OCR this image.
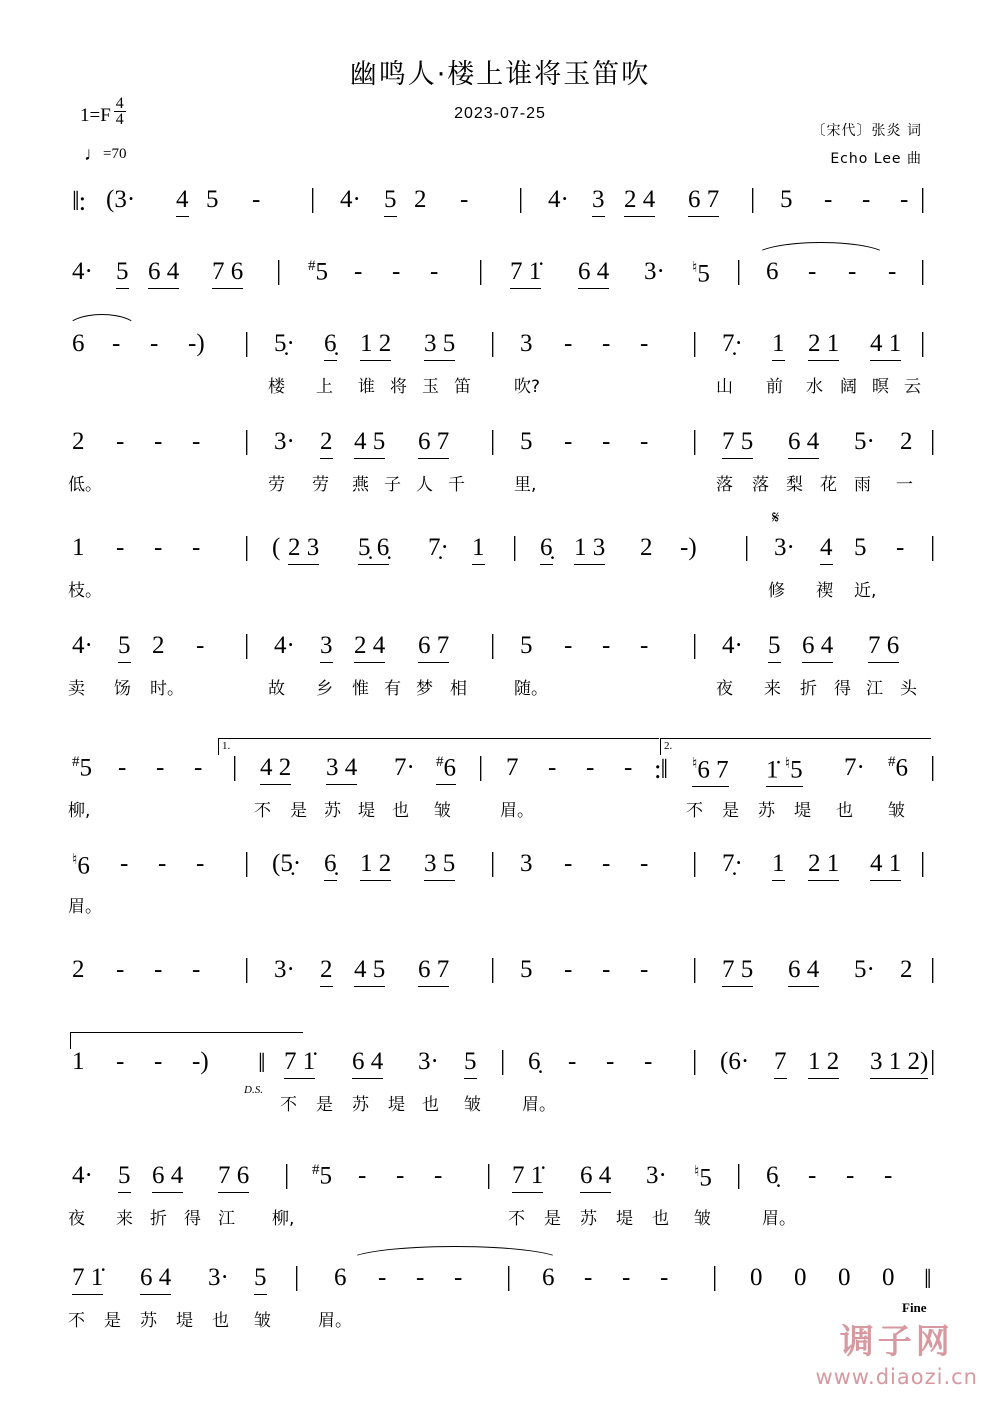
幽鸣人·楼上谁将玉笛吹
2023-07-25
$1=F \frac{4}{4}$
♩=70
〔宋代〕张炎 词
Echo Lee 曲
‖: (3· 4 5 - | 4· 5 2 - | 4· 3 2 4 6 7 | 5 - - - |
4· 5 6 4 7 6 | #5 - - - | 7 1̇ 6 4 3· ♮5 | 6 - - - |
6 - - -) | 5̣· 6̣ 1 2 3 5 | 3 - - - | 7̣· 1 2 1 4 1 |
楼 上 谁 将 玉 笛	吹?	山 前 水 阔 暝 云
2 - - - | 3· 2 4 5 6 7 | 5 - - - | 7 5 6 4 5· 2 |
低。	劳 劳 燕 子 人 千	里,	落 落 梨 花 雨 一
1 - - - | ( 2 3 5̣ 6̣ 7̣· 1 | 6̣ 1 3 2 -) | 3· 4 5 - |
𝄋
枝。	修 禊 近,
4· 5 2 - | 4· 3 2 4 6 7 | 5 - - - | 4· 5 6 4 7 6
卖 饧 时。	故 乡 惟 有 梦 相	随。	夜 来 折 得 江 头
1.	2.
#5 - - - | 4 2 3 4 7· #6 | 7 - - - :‖ ♮6 7 1̇ ♮5 7· #6 |
柳,	不 是 苏 堤 也 皱	眉。	不 是 苏 堤 也 皱
♮6 - - - | (5̣· 6̣ 1 2 3 5 | 3 - - - | 7̣· 1 2 1 4 1 |
眉。
2 - - - | 3· 2 4 5 6 7 | 5 - - - | 7 5 6 4 5· 2 |
1 - - -) ‖ 7 1̇ 6 4 3· 5 | 6̣ - - - | (6· 7 1 2 3 1 2) |
D.S.
不 是 苏 堤 也 皱 眉。
4· 5 6 4 7 6 | #5 - - - | 7 1̇ 6 4 3· ♮5 | 6̣ - - -
夜 来 折 得 江 柳,	不 是 苏 堤 也 皱	眉。
7 1̇ 6 4 3· 5 | 6 - - - | 6 - - - | 0 0 0 0 ‖
Fine
不 是 苏 堤 也 皱	眉。
调子网
www.diaozi.cn
